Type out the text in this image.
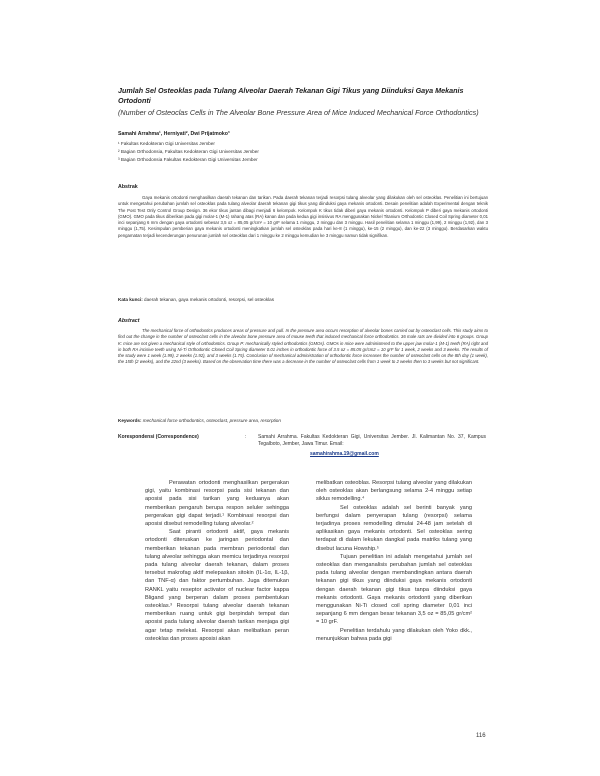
Jumlah Sel Osteoklas pada Tulang Alveolar Daerah Tekanan Gigi Tikus yang Diinduksi Gaya Mekanis Ortodonti
(Number of Osteoclas Cells in The Alveolar Bone Pressure Area of Mice Induced Mechanical Force Orthodontics)
Samahi Arrahma¹, Herniyati², Dwi Prijatmoko³
¹ Fakultas Kedokteran Gigi Universitas Jember
² Bagian Orthodonsia, Fakultas Kedokteran Gigi Universitas Jember
³ Bagian Orthodonsia Fakultas Kedokteran Gigi Universitas Jember
Abstrak

Gaya mekanis ortodonti menghasilkan daerah tekanan dan tarikan. Pada daerah tekanan terjadi resorpsi tulang alveolar yang dilakukan oleh sel osteoklas. Penelitian ini bertujuan untuk mengetahui perubahan jumlah sel osteoklas pada tulang alveolar daerah tekanan gigi tikus yang diinduksi gaya mekanis ortodonti. Desain penelitian adalah Experimental dengan teknik The Post Test Only Control Group Design. 36 ekor tikus jantan dibagi menjadi 6 kelompok. Kelompok K tikus tidak diberi gaya mekanis ortodonti. Kelompok P diberi gaya mekanis ortodonti (GMO). GMO pada tikus diberikan pada gigi molar-1 (M-1) rahang atas (RA) kanan dan pada kedua gigi insisivus RA menggunakan Nickel Titanium Orthodontic Closed Coil Spring diameter 0,01 inci sepanjang 6 mm dengan gaya ortodonti sebesar 3,5 oz = 85,05 gr/cm² = 10 grF selama 1 minggu, 2 minggu dan 3 minggu. Hasil penelitian selama 1 minggu (1,99), 2 minggu (1,92), dan 3 minggu (1,75). Kesimpulan pemberian gaya mekanis ortodonti meningkatkan jumlah sel osteoklas pada hari ke-8 (1 minggu), ke-15 (2 minggu), dan ke-22 (3 minggu). Berdasarkan waktu pengamatan terjadi kecenderungan penurunan jumlah sel osteoklas dari 1 minggu ke 2 minggu kemudian ke 3 minggu namun tidak signifikan.

Kata kunci: daerah tekanan, gaya mekanis ortodonti, resorpsi, sel osteoklas
Abstract

The mechanical force of orthodontics produces areas of pressure and pull. In the pressure area occurs resorption of alveolar bones carried out by osteoclast cells. This study aims to find out the change in the number of osteoclast cells in the alveolar bone pressure area of mouse teeth that induced mechanical force orthodontics. 36 male rats are divided into 6 groups. Group K: mice are not given a mechanical style of orthodontics. Group P: mechanically styled orthodontics (GMOs). GMOs in mice were administered to the upper jaw molar-1 (M-1) teeth (RA) right and in both RA incisive teeth using Ni-Ti Orthodontic Closed Coil Spring diameter 0.01 inches in orthodontic force of 3.5 oz = 85.05 gr/cm2 = 10 grF for 1 week, 2 weeks and 3 weeks. The results of the study were 1 week (1.99), 2 weeks (1.92), and 3 weeks (1.75). Conclusion of mechanical administration of orthodontic force increases the number of osteoclast cells on the 8th day (1 week), the 15th (2 weeks), and the 22nd (3 weeks). Based on the observation time there was a decrease in the number of osteoclast cells from 1 week to 2 weeks then to 3 weeks but not significant.

Keywords: mechanical force orthodontics, osteoclast, pressure area, resorption
Korespondensi (Correspondence)	: Samahi Arrahma. Fakultas Kedokteran Gigi, Universitas Jember. Jl. Kalimantan No. 37, Kampus Tegalboto, Jember, Jawa Timur. Email:
samahirahma.19@gmail.com

Perawatan ortodonti menghasilkan pergerakan gigi, yaitu kombinasi resorpsi pada sisi tekanan dan aposisi pada sisi tarikan yang keduanya akan memberikan pengaruh berupa respon seluler sehingga pergerakan gigi dapat terjadi.¹ Kombinasi resorpsi dan aposisi disebut remodelling tulang alveolar.²

Saat piranti ortodonti aktif, gaya mekanis ortodonti diteruskan ke jaringan periodontal dan memberikan tekanan pada membran periodontal dan tulang alveolar sehingga akan memicu terjadinya resorpsi pada tulang alveolar daerah tekanan, dalam proses tersebut makrofag aktif melepaskan sitokin (IL-1α, IL-1β, dan TNF-α) dan faktor pertumbuhan. Juga ditemukan RANKL yaitu reseptor activator of nuclear factor kappa Bligand yang berperan dalam proses pembentukan osteoklas.³ Resorpsi tulang alveolar daerah tekanan memberikan ruang untuk gigi berpindah tempat dan aposisi pada tulang alveolar daerah tarikan menjaga gigi agar tetap melekat. Resorpsi akan melibatkan peran osteoklas dan proses aposisi akan

melibatkan osteoblas. Resorpsi tulang alveolar yang dilakukan oleh osteoklas akan berlangsung selama 2-4 minggu setiap siklus remodelling.⁴

Sel osteoklas adalah sel berinti banyak yang berfungsi dalam penyerapan tulang (resorpsi) selama terjadinya proses remodelling dimulai 24-48 jam setelah di aplikasikan gaya mekanis ortodonti. Sel osteoklas sering terdapat di dalam lekukan dangkal pada matriks tulang yang disebut lacuna Howship.⁵

Tujuan penelitian ini adalah mengetahui jumlah sel osteoklas dan menganalisis perubahan jumlah sel osteoklas pada tulang alveolar dengan membandingkan antara daerah tekanan gigi tikus yang diinduksi gaya mekanis ortodonti dengan daerah tekanan gigi tikus tanpa diinduksi gaya mekanis ortodonti. Gaya mekanis ortodonti yang diberikan menggunakan Ni-Ti closed coil spring diameter 0,01 inci sepanjang 6 mm dengan besar tekanan 3,5 oz = 85,05 gr/cm² = 10 grF.

Penelitian terdahulu yang dilakukan oleh Yoko dkk., menunjukkan bahwa pada gigi

116
